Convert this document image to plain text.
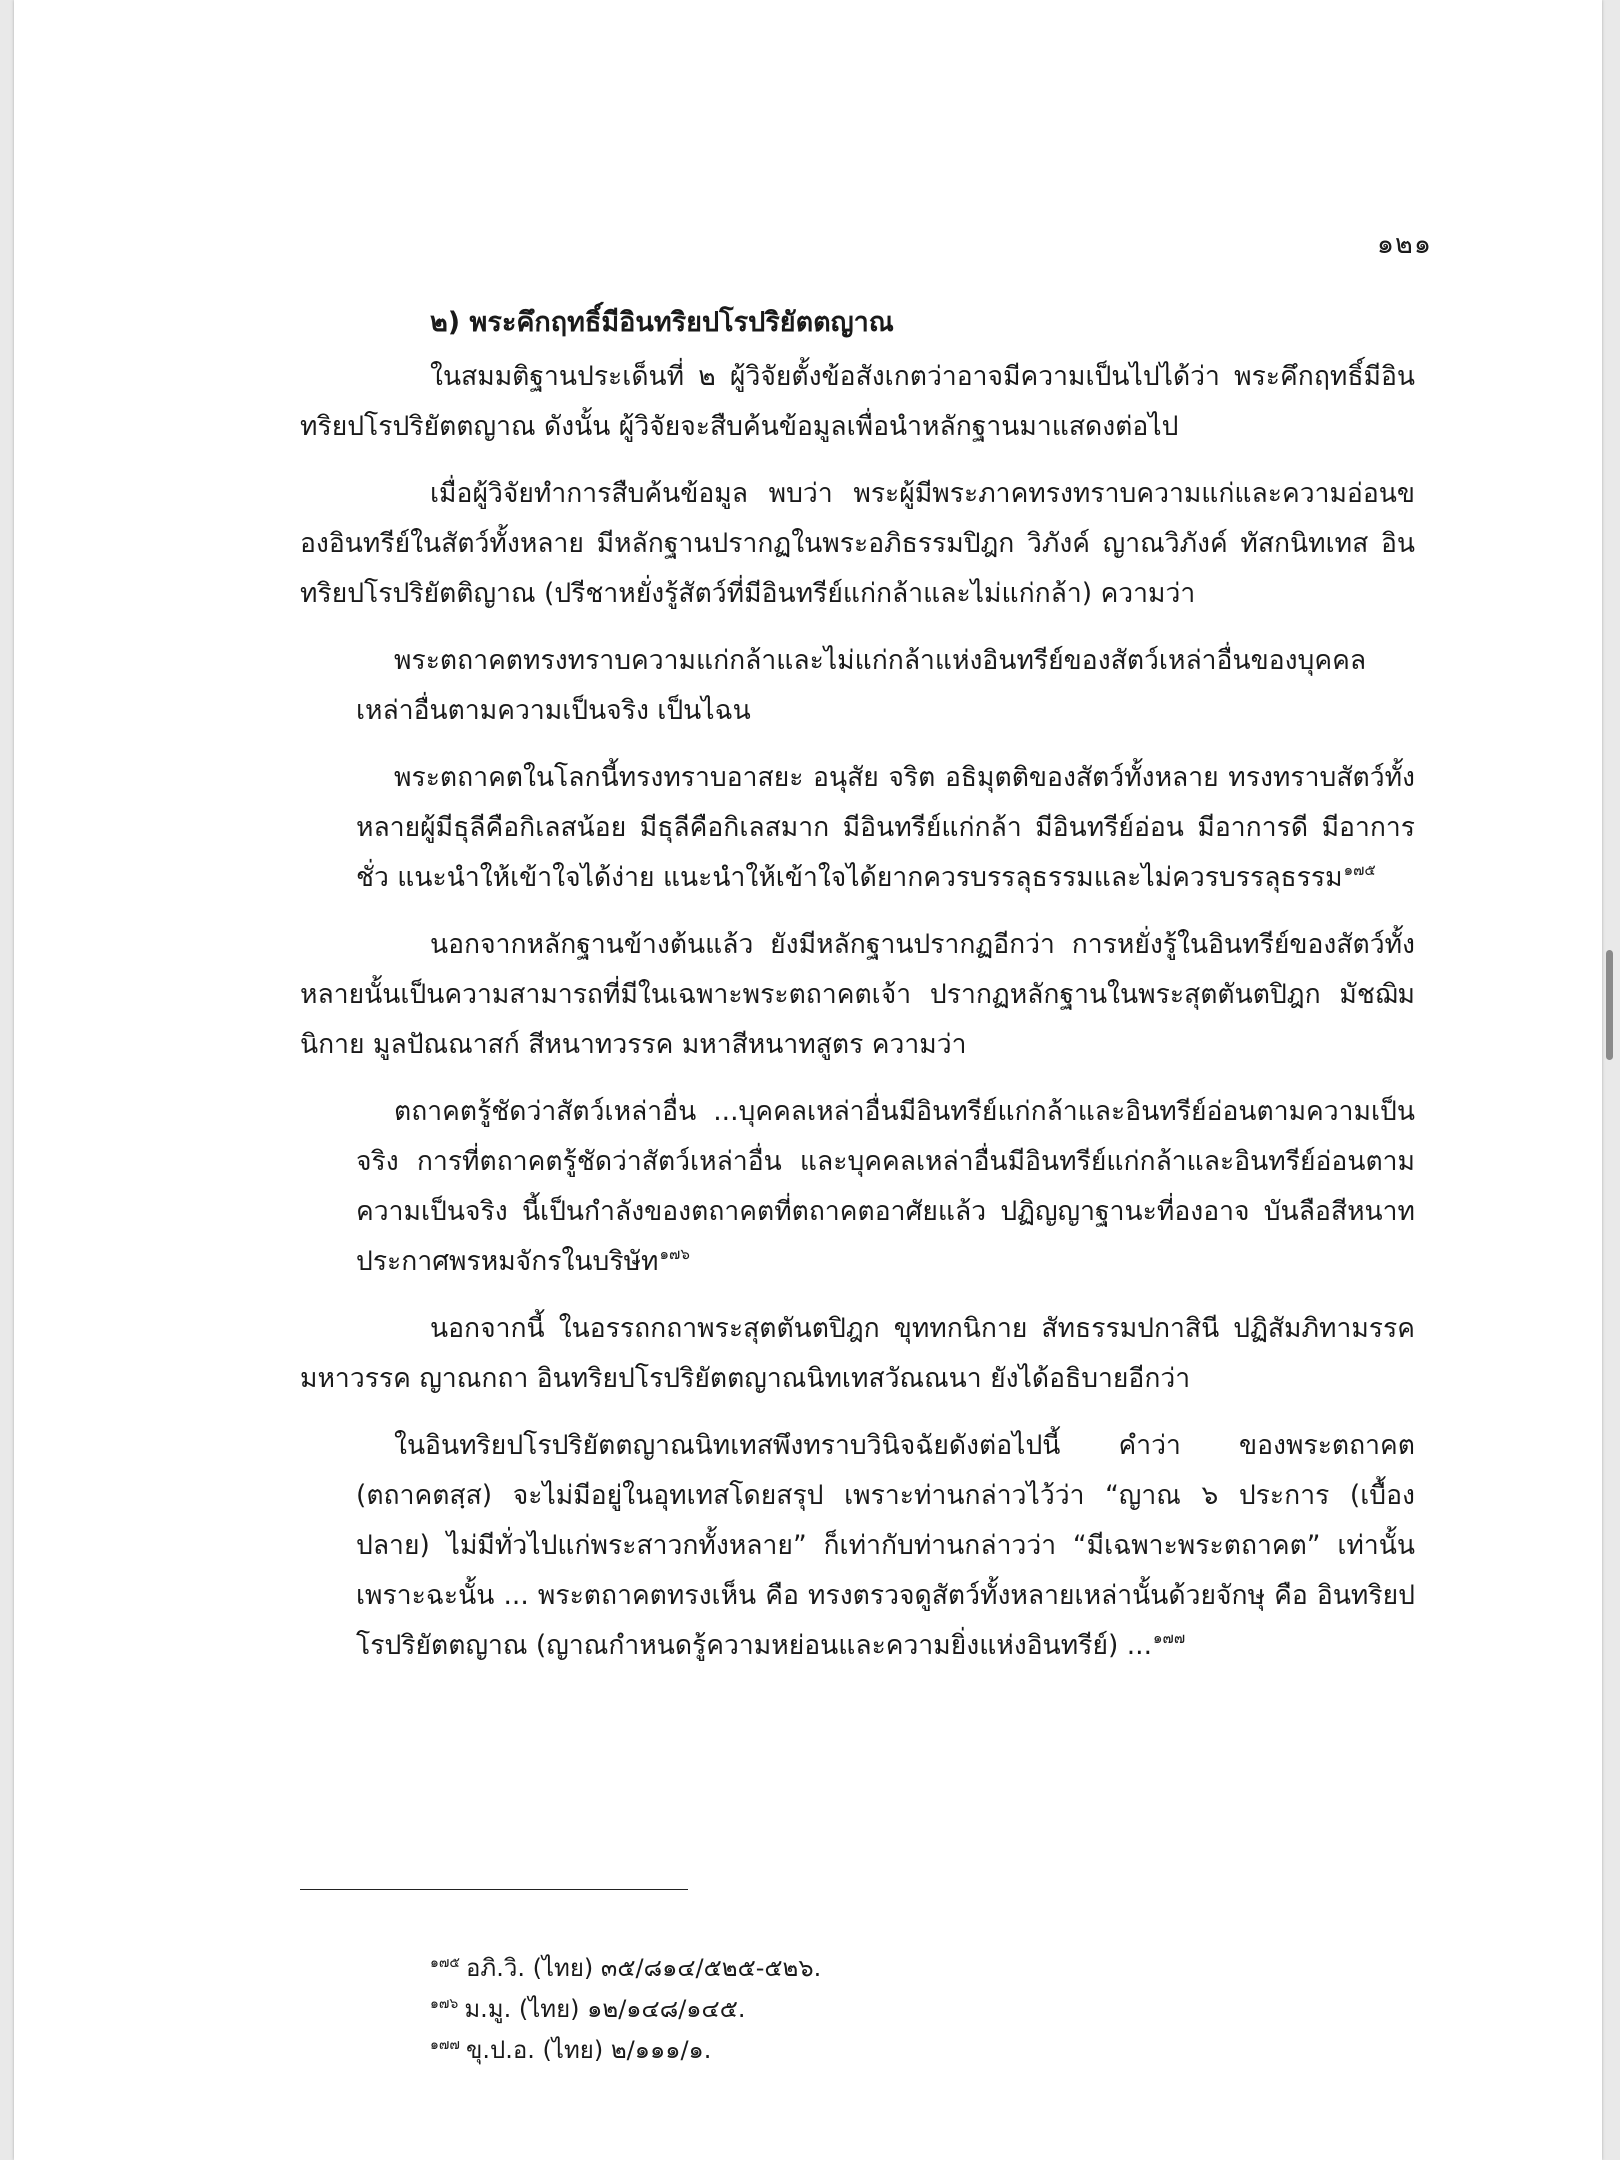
๑๒๑

๒) พระคึกฤทธิ์มีอินทริยปโรปริยัตตญาณ

ในสมมติฐานประเด็นที่ ๒ ผู้วิจัยตั้งข้อสังเกตว่าอาจมีความเป็นไปได้ว่า พระคึกฤทธิ์มีอินทริยปโรปริยัตตญาณ ดังนั้น ผู้วิจัยจะสืบค้นข้อมูลเพื่อนำหลักฐานมาแสดงต่อไป

เมื่อผู้วิจัยทำการสืบค้นข้อมูล พบว่า พระผู้มีพระภาคทรงทราบความแก่และความอ่อนของอินทรีย์ในสัตว์ทั้งหลาย มีหลักฐานปรากฏในพระอภิธรรมปิฎก วิภังค์ ญาณวิภังค์ ทัสกนิทเทส อินทริยปโรปริยัตติญาณ (ปรีชาหยั่งรู้สัตว์ที่มีอินทรีย์แก่กล้าและไม่แก่กล้า) ความว่า

พระตถาคตทรงทราบความแก่กล้าและไม่แก่กล้าแห่งอินทรีย์ของสัตว์เหล่าอื่นของบุคคลเหล่าอื่นตามความเป็นจริง เป็นไฉน

พระตถาคตในโลกนี้ทรงทราบอาสยะ อนุสัย จริต อธิมุตติของสัตว์ทั้งหลาย ทรงทราบสัตว์ทั้งหลายผู้มีธุลีคือกิเลสน้อย มีธุลีคือกิเลสมาก มีอินทรีย์แก่กล้า มีอินทรีย์อ่อน มีอาการดี มีอาการชั่ว แนะนำให้เข้าใจได้ง่าย แนะนำให้เข้าใจได้ยากควรบรรลุธรรมและไม่ควรบรรลุธรรม$^{๑๗๕}$

นอกจากหลักฐานข้างต้นแล้ว ยังมีหลักฐานปรากฏอีกว่า การหยั่งรู้ในอินทรีย์ของสัตว์ทั้งหลายนั้นเป็นความสามารถที่มีในเฉพาะพระตถาคตเจ้า ปรากฏหลักฐานในพระสุตตันตปิฎก มัชฌิมนิกาย มูลปัณณาสก์ สีหนาทวรรค มหาสีหนาทสูตร ความว่า

ตถาคตรู้ชัดว่าสัตว์เหล่าอื่น ...บุคคลเหล่าอื่นมีอินทรีย์แก่กล้าและอินทรีย์อ่อนตามความเป็นจริง การที่ตถาคตรู้ชัดว่าสัตว์เหล่าอื่น และบุคคลเหล่าอื่นมีอินทรีย์แก่กล้าและอินทรีย์อ่อนตามความเป็นจริง นี้เป็นกำลังของตถาคตที่ตถาคตอาศัยแล้ว ปฏิญญาฐานะที่องอาจ บันลือสีหนาทประกาศพรหมจักรในบริษัท$^{๑๗๖}$

นอกจากนี้ ในอรรถกถาพระสุตตันตปิฎก ขุททกนิกาย สัทธรรมปกาสินี ปฏิสัมภิทามรรค มหาวรรค ญาณกถา อินทริยปโรปริยัตตญาณนิทเทสวัณณนา ยังได้อธิบายอีกว่า

ในอินทริยปโรปริยัตตญาณนิทเทสพึงทราบวินิจฉัยดังต่อไปนี้ คำว่า ของพระตถาคต (ตถาคตสฺส) จะไม่มีอยู่ในอุทเทสโดยสรุป เพราะท่านกล่าวไว้ว่า “ญาณ ๖ ประการ (เบื้องปลาย) ไม่มีทั่วไปแก่พระสาวกทั้งหลาย” ก็เท่ากับท่านกล่าวว่า “มีเฉพาะพระตถาคต” เท่านั้น เพราะฉะนั้น ... พระตถาคตทรงเห็น คือ ทรงตรวจดูสัตว์ทั้งหลายเหล่านั้นด้วยจักษุ คือ อินทริยปโรปริยัตตญาณ (ญาณกำหนดรู้ความหย่อนและความยิ่งแห่งอินทรีย์) ...$^{๑๗๗}$

$^{๑๗๕}$ อภิ.วิ. (ไทย) ๓๕/๘๑๔/๕๒๕-๕๒๖.
$^{๑๗๖}$ ม.มู. (ไทย) ๑๒/๑๔๘/๑๔๕.
$^{๑๗๗}$ ขุ.ป.อ. (ไทย) ๒/๑๑๑/๑.
